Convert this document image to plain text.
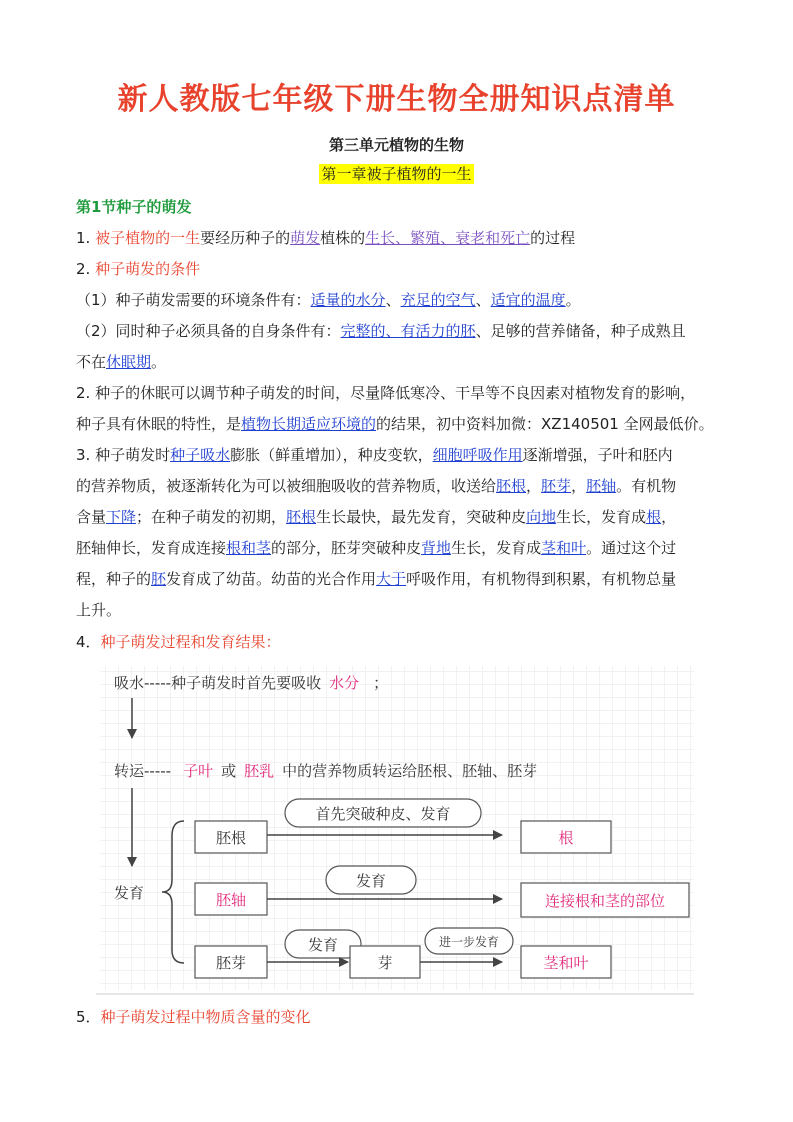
新人教版七年级下册生物全册知识点清单
第三单元植物的生物
第一章被子植物的一生
第1节种子的萌发
1. 被子植物的一生要经历种子的萌发植株的生长、繁殖、衰老和死亡的过程
2. 种子萌发的条件
（1）种子萌发需要的环境条件有：适量的水分、充足的空气、适宜的温度。
（2）同时种子必须具备的自身条件有：完整的、有活力的胚、足够的营养储备，种子成熟且
不在休眠期。
2. 种子的休眠可以调节种子萌发的时间，尽量降低寒冷、干旱等不良因素对植物发育的影响，
种子具有休眠的特性，是植物长期适应环境的的结果，初中资料加微：XZ140501 全网最低价。
3. 种子萌发时种子吸水膨胀（鲜重增加），种皮变软，细胞呼吸作用逐渐增强，子叶和胚内
的营养物质，被逐渐转化为可以被细胞吸收的营养物质，收送给胚根，胚芽，胚轴。有机物
含量下降；在种子萌发的初期，胚根生长最快，最先发育，突破种皮向地生长，发育成根，
胚轴伸长，发育成连接根和茎的部分，胚芽突破种皮背地生长，发育成茎和叶。通过这个过
程，种子的胚发育成了幼苗。幼苗的光合作用大于呼吸作用，有机物得到积累，有机物总量
上升。
4．种子萌发过程和发育结果：
吸水-----种子萌发时首先要吸收 水分 ；
转运----- 子叶 或 胚乳 中的营养物质转运给胚根、胚轴、胚芽
发育
胚根
首先突破种皮、发育
根
胚轴
发育
连接根和茎的部位
胚芽
发育
芽
进一步发育
茎和叶
5．种子萌发过程中物质含量的变化
